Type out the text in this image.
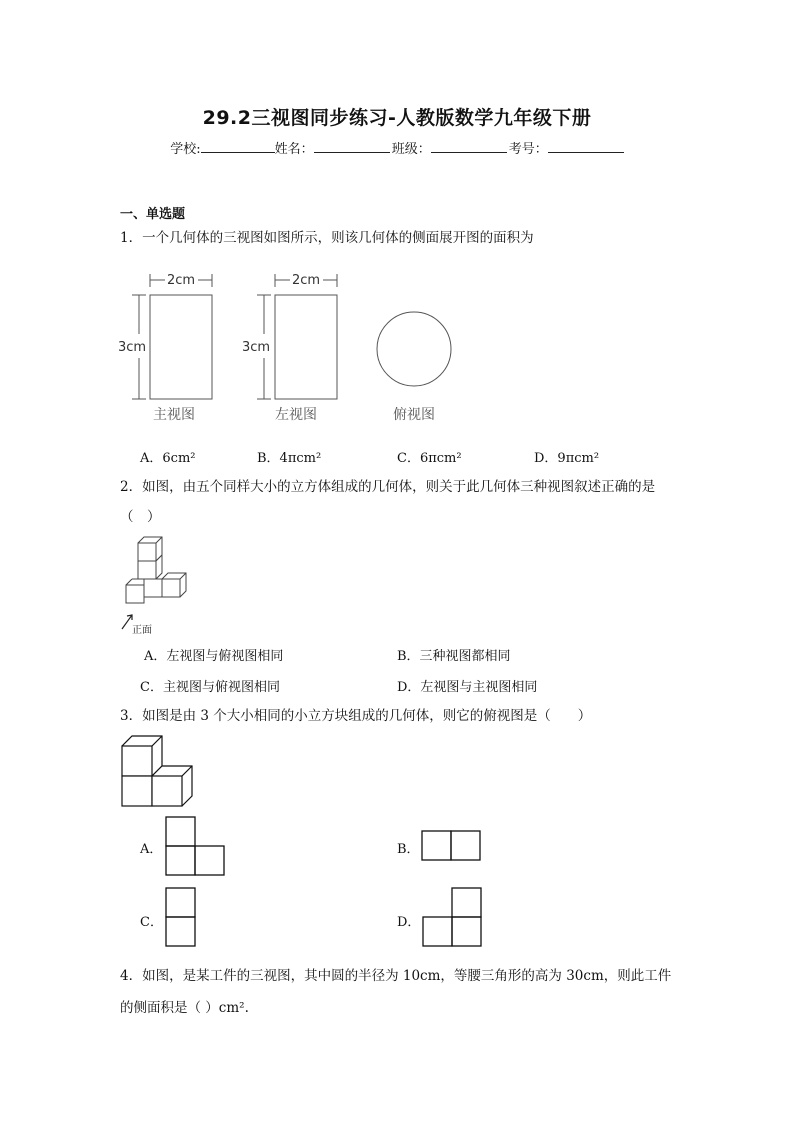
29.2三视图同步练习-人教版数学九年级下册
学校:	姓名：	班级：	考号：
一、单选题
1．一个几何体的三视图如图所示，则该几何体的侧面展开图的面积为
2cm	2cm
3cm	3cm
主视图	左视图	俯视图
A．6cm²	B．4πcm²	C．6πcm²	D．9πcm²
2．如图，由五个同样大小的立方体组成的几何体，则关于此几何体三种视图叙述正确的是
（　）
正面
A．左视图与俯视图相同	B．三种视图都相同
C．主视图与俯视图相同	D．左视图与主视图相同
3．如图是由 3 个大小相同的小立方块组成的几何体，则它的俯视图是（　　）
A．	B．
C．	D．
4．如图，是某工件的三视图，其中圆的半径为 10cm，等腰三角形的高为 30cm，则此工件
的侧面积是（ ）cm².
